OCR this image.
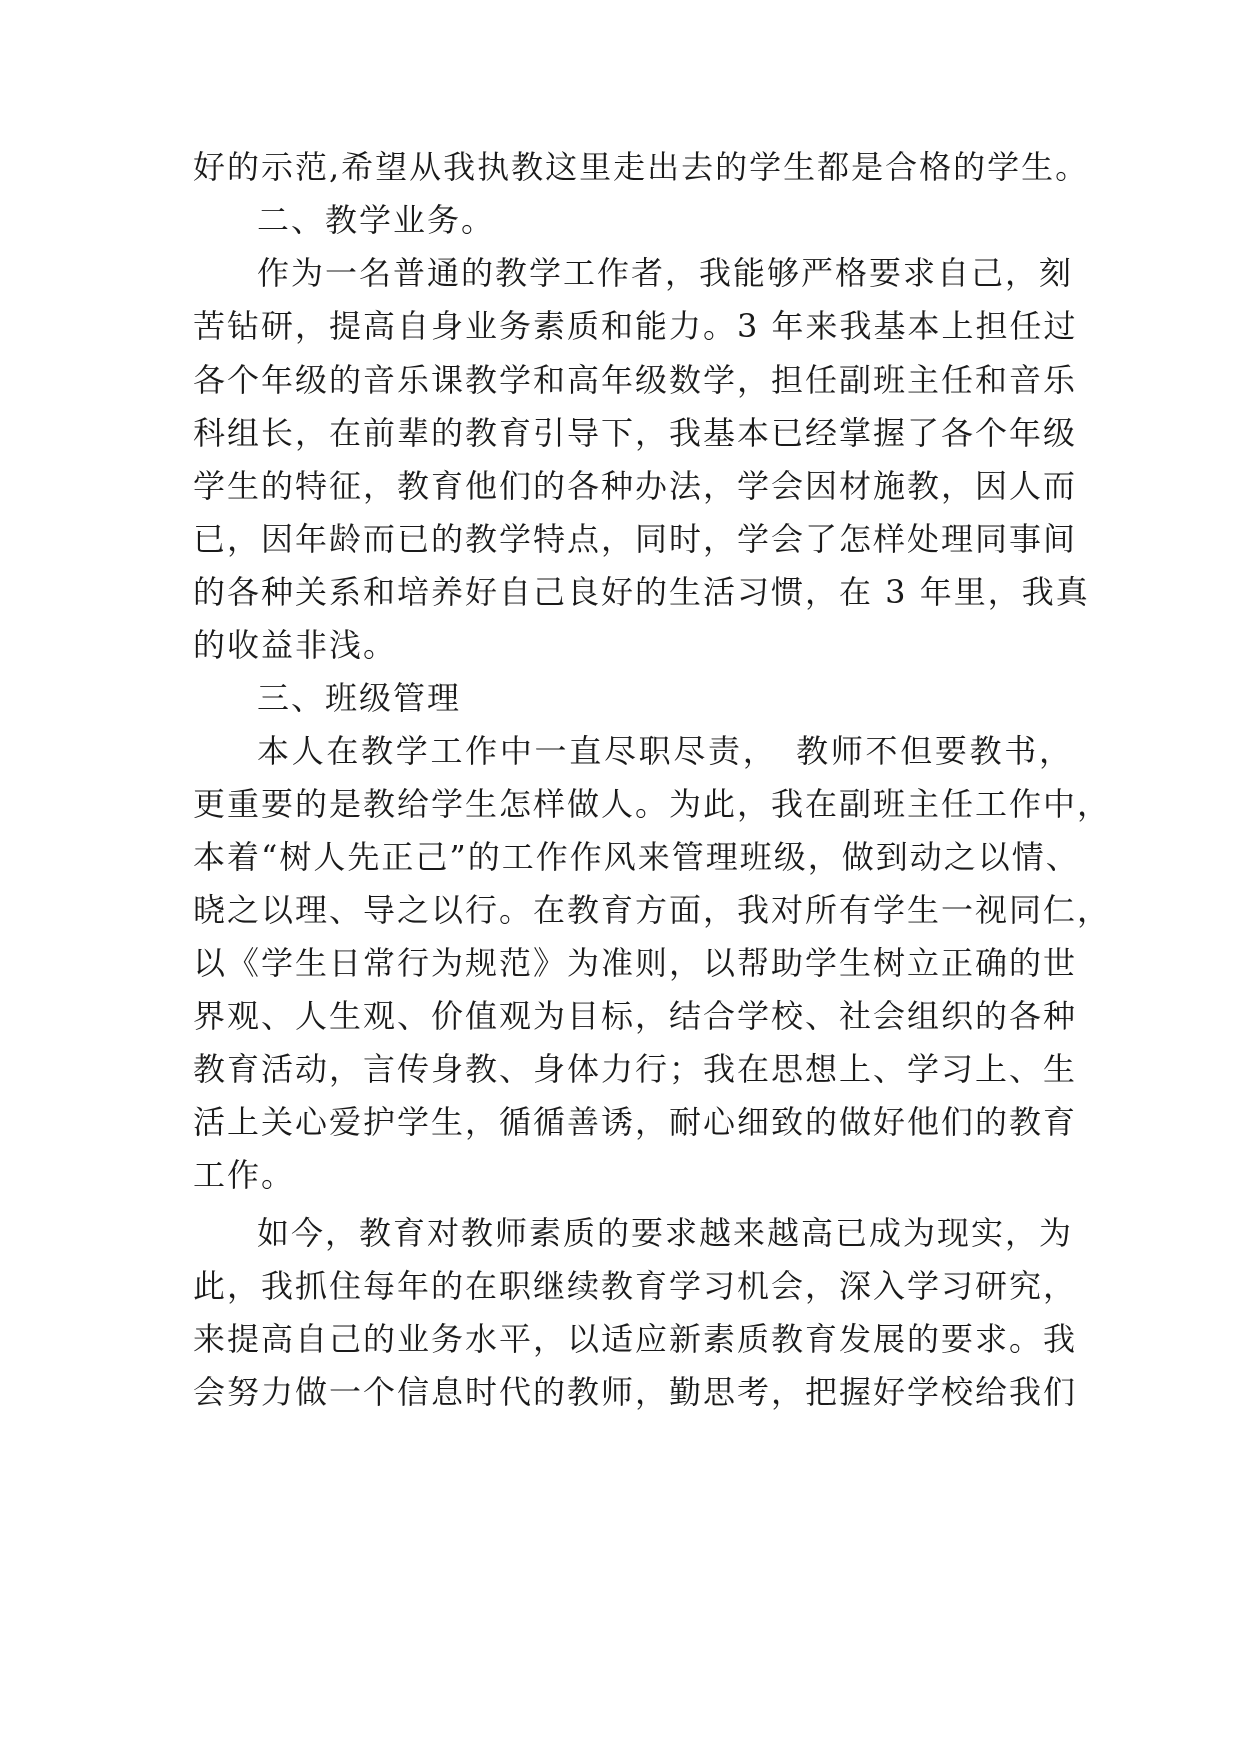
好的示范,希望从我执教这里走出去的学生都是合格的学生。
二、教学业务。
作为一名普通的教学工作者，我能够严格要求自己，刻
苦钻研，提高自身业务素质和能力。3 年来我基本上担任过
各个年级的音乐课教学和高年级数学，担任副班主任和音乐
科组长，在前辈的教育引导下，我基本已经掌握了各个年级
学生的特征，教育他们的各种办法，学会因材施教，因人而
已，因年龄而已的教学特点，同时，学会了怎样处理同事间
的各种关系和培养好自己良好的生活习惯，在 3 年里，我真
的收益非浅。
三、班级管理
本人在教学工作中一直尽职尽责，　教师不但要教书，
更重要的是教给学生怎样做人。为此，我在副班主任工作中，
本着“树人先正己”的工作作风来管理班级，做到动之以情、
晓之以理、导之以行。在教育方面，我对所有学生一视同仁，
以《学生日常行为规范》为准则，以帮助学生树立正确的世
界观、人生观、价值观为目标，结合学校、社会组织的各种
教育活动，言传身教、身体力行；我在思想上、学习上、生
活上关心爱护学生，循循善诱，耐心细致的做好他们的教育
工作。
如今，教育对教师素质的要求越来越高已成为现实，为
此，我抓住每年的在职继续教育学习机会，深入学习研究，
来提高自己的业务水平，以适应新素质教育发展的要求。我
会努力做一个信息时代的教师，勤思考，把握好学校给我们
